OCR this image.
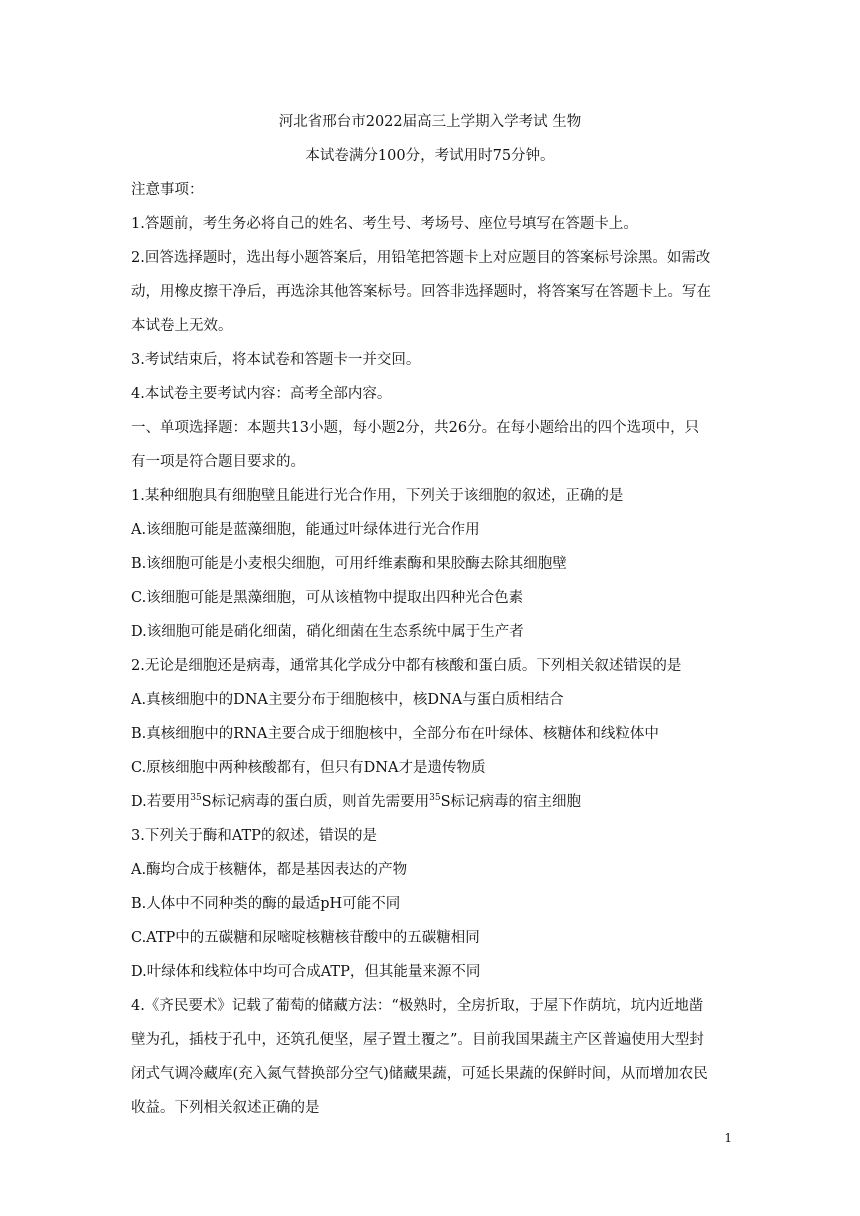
河北省邢台市2022届高三上学期入学考试 生物
本试卷满分100分，考试用时75分钟。
注意事项：
1.答题前，考生务必将自己的姓名、考生号、考场号、座位号填写在答题卡上。
2.回答选择题时，选出每小题答案后，用铅笔把答题卡上对应题目的答案标号涂黑。如需改
动，用橡皮擦干净后，再选涂其他答案标号。回答非选择题时，将答案写在答题卡上。写在
本试卷上无效。
3.考试结束后，将本试卷和答题卡一并交回。
4.本试卷主要考试内容：高考全部内容。
一、单项选择题：本题共13小题，每小题2分，共26分。在每小题给出的四个选项中，只
有一项是符合题目要求的。
1.某种细胞具有细胞壁且能进行光合作用，下列关于该细胞的叙述，正确的是
A.该细胞可能是蓝藻细胞，能通过叶绿体进行光合作用
B.该细胞可能是小麦根尖细胞，可用纤维素酶和果胶酶去除其细胞壁
C.该细胞可能是黑藻细胞，可从该植物中提取出四种光合色素
D.该细胞可能是硝化细菌，硝化细菌在生态系统中属于生产者
2.无论是细胞还是病毒，通常其化学成分中都有核酸和蛋白质。下列相关叙述错误的是
A.真核细胞中的DNA主要分布于细胞核中，核DNA与蛋白质相结合
B.真核细胞中的RNA主要合成于细胞核中，全部分布在叶绿体、核糖体和线粒体中
C.原核细胞中两种核酸都有，但只有DNA才是遗传物质
D.若要用$^{35}$S标记病毒的蛋白质，则首先需要用$^{35}$S标记病毒的宿主细胞
3.下列关于酶和ATP的叙述，错误的是
A.酶均合成于核糖体，都是基因表达的产物
B.人体中不同种类的酶的最适pH可能不同
C.ATP中的五碳糖和尿嘧啶核糖核苷酸中的五碳糖相同
D.叶绿体和线粒体中均可合成ATP，但其能量来源不同
4.《齐民要术》记载了葡萄的储藏方法：“极熟时，全房折取，于屋下作荫坑，坑内近地凿
壁为孔，插枝于孔中，还筑孔便坚，屋子置土覆之”。目前我国果蔬主产区普遍使用大型封
闭式气调冷藏库(充入氮气替换部分空气)储藏果蔬，可延长果蔬的保鲜时间，从而增加农民
收益。下列相关叙述正确的是
1
